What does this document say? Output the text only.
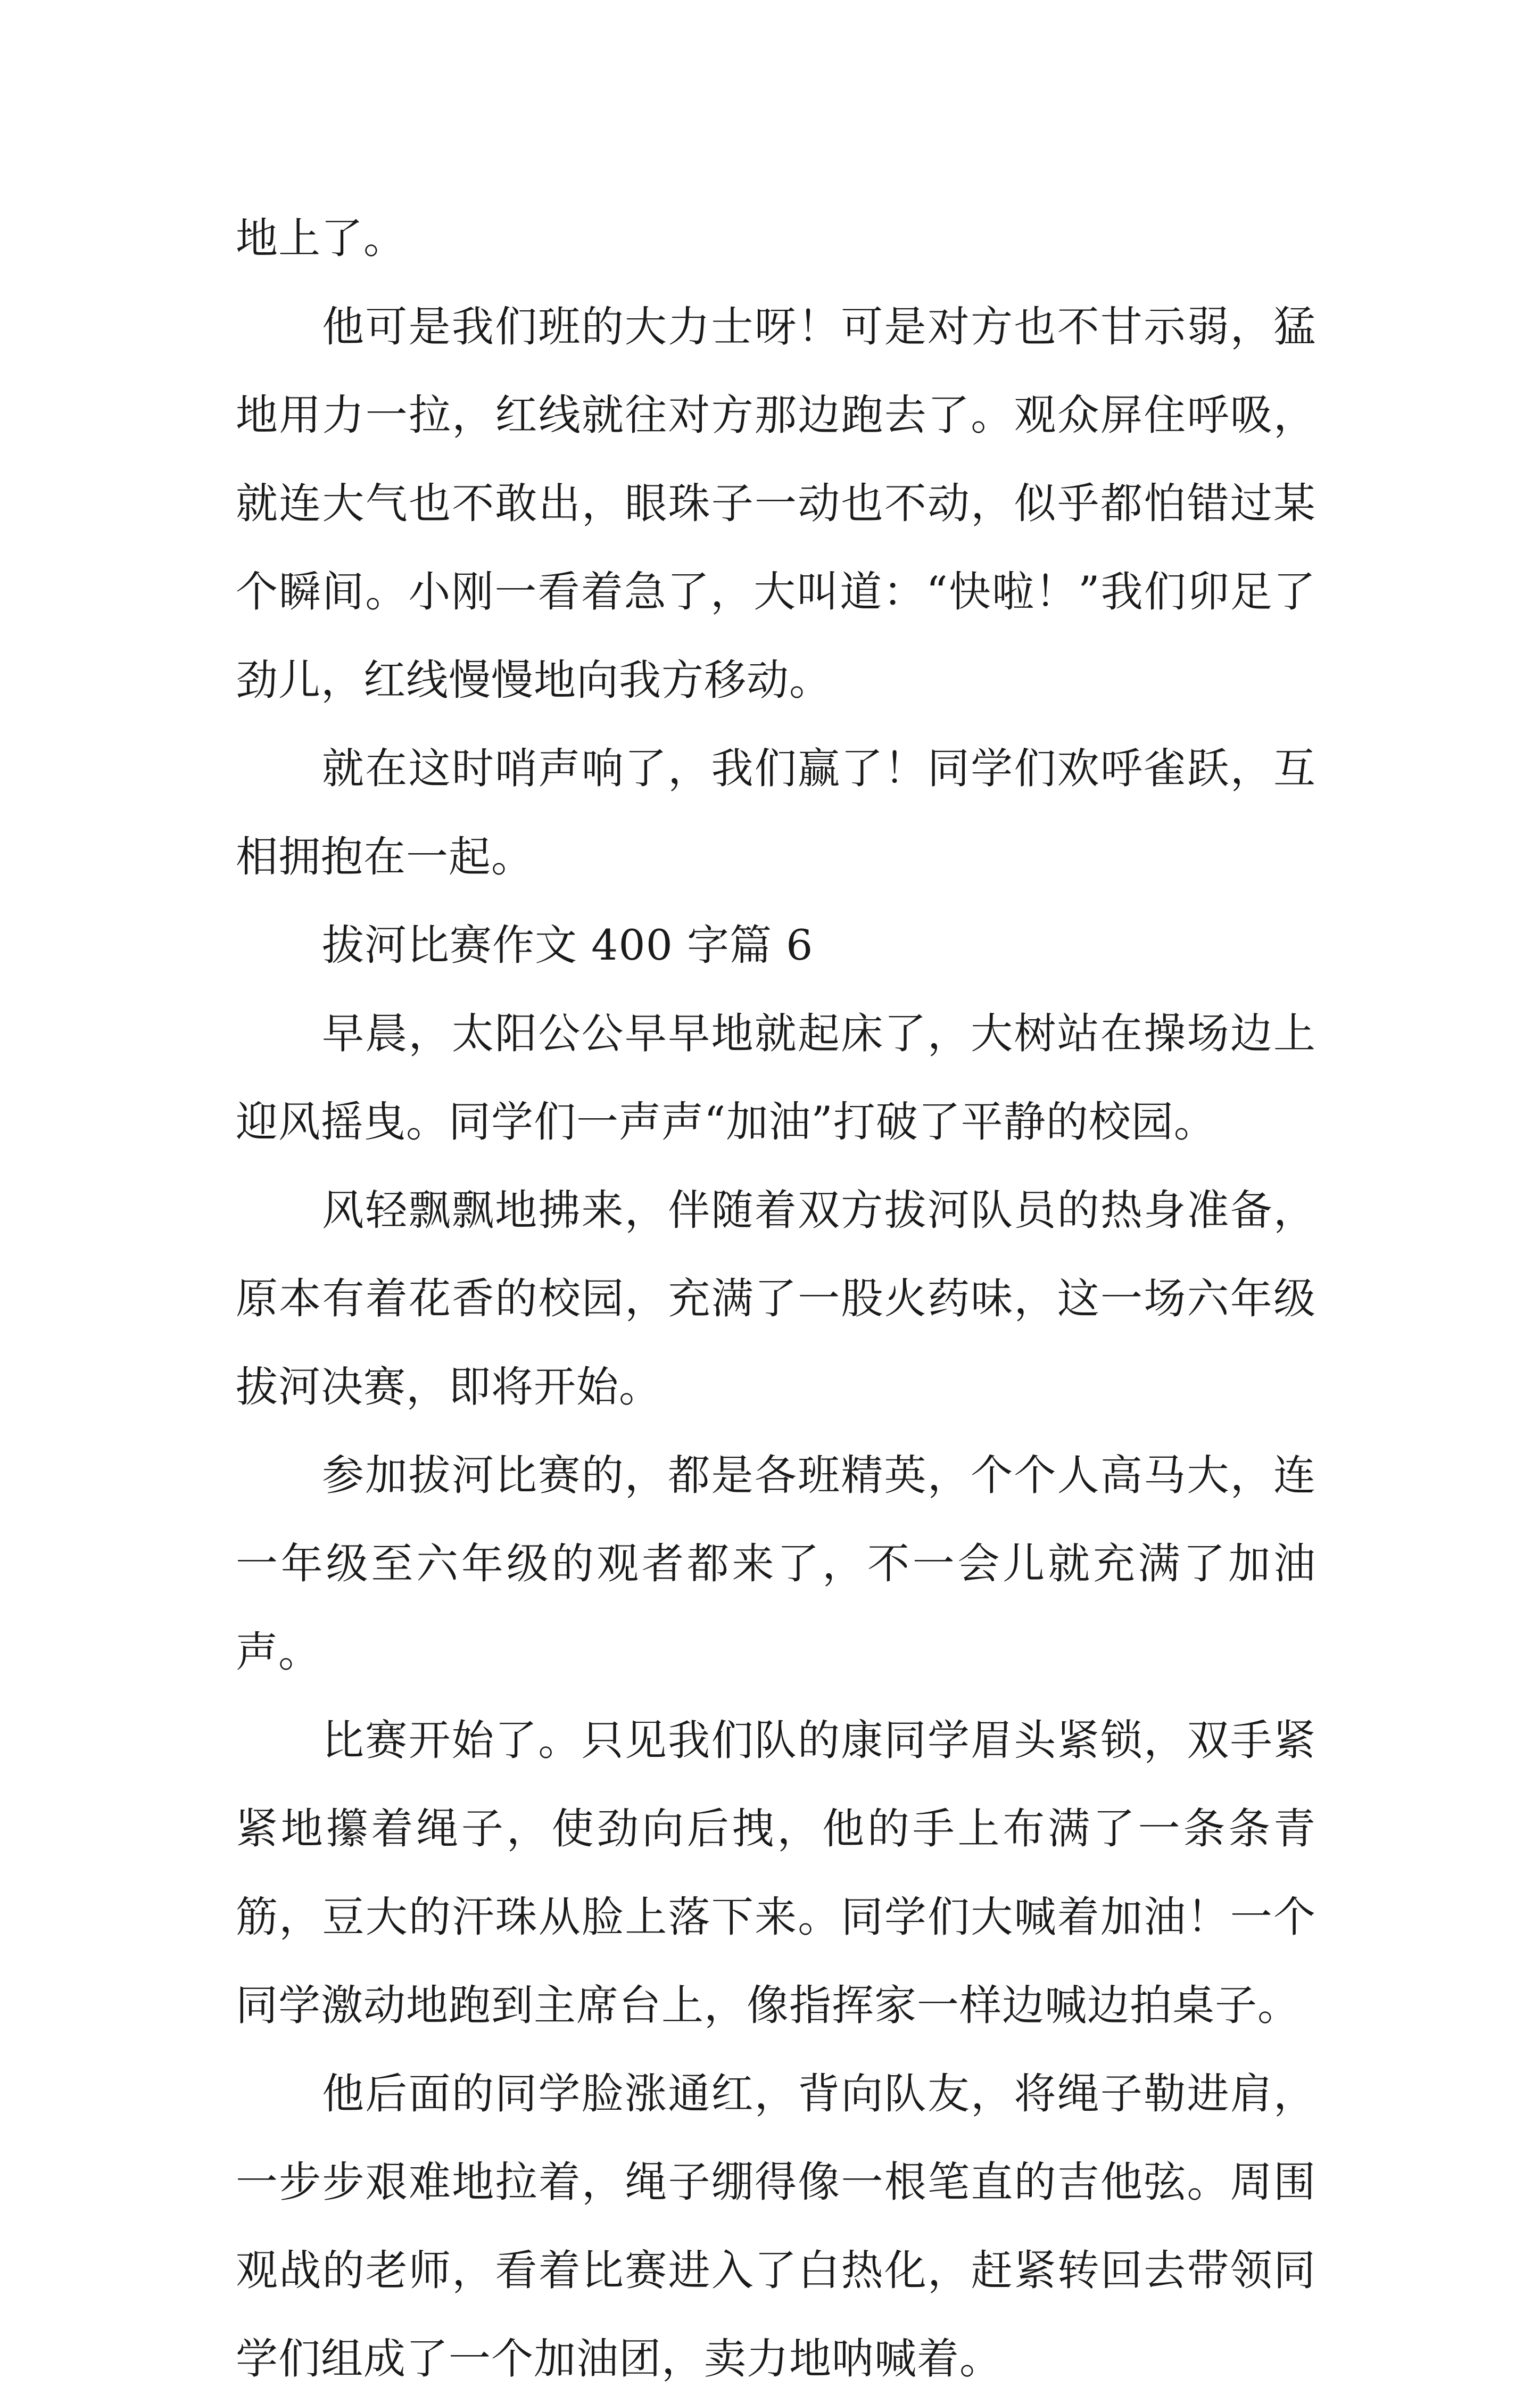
地上了。

他可是我们班的大力士呀！可是对方也不甘示弱，猛地用力一拉，红线就往对方那边跑去了。观众屏住呼吸，就连大气也不敢出，眼珠子一动也不动，似乎都怕错过某个瞬间。小刚一看着急了，大叫道：“快啦！”我们卯足了劲儿，红线慢慢地向我方移动。

就在这时哨声响了，我们赢了！同学们欢呼雀跃，互相拥抱在一起。

拔河比赛作文 400 字篇 6

早晨，太阳公公早早地就起床了，大树站在操场边上迎风摇曳。同学们一声声“加油”打破了平静的校园。

风轻飘飘地拂来，伴随着双方拔河队员的热身准备，原本有着花香的校园，充满了一股火药味，这一场六年级拔河决赛，即将开始。

参加拔河比赛的，都是各班精英，个个人高马大，连一年级至六年级的观者都来了，不一会儿就充满了加油声。

比赛开始了。只见我们队的康同学眉头紧锁，双手紧紧地攥着绳子，使劲向后拽，他的手上布满了一条条青筋，豆大的汗珠从脸上落下来。同学们大喊着加油！一个同学激动地跑到主席台上，像指挥家一样边喊边拍桌子。

他后面的同学脸涨通红，背向队友，将绳子勒进肩，一步步艰难地拉着，绳子绷得像一根笔直的吉他弦。周围观战的老师，看着比赛进入了白热化，赶紧转回去带领同学们组成了一个加油团，卖力地呐喊着。
